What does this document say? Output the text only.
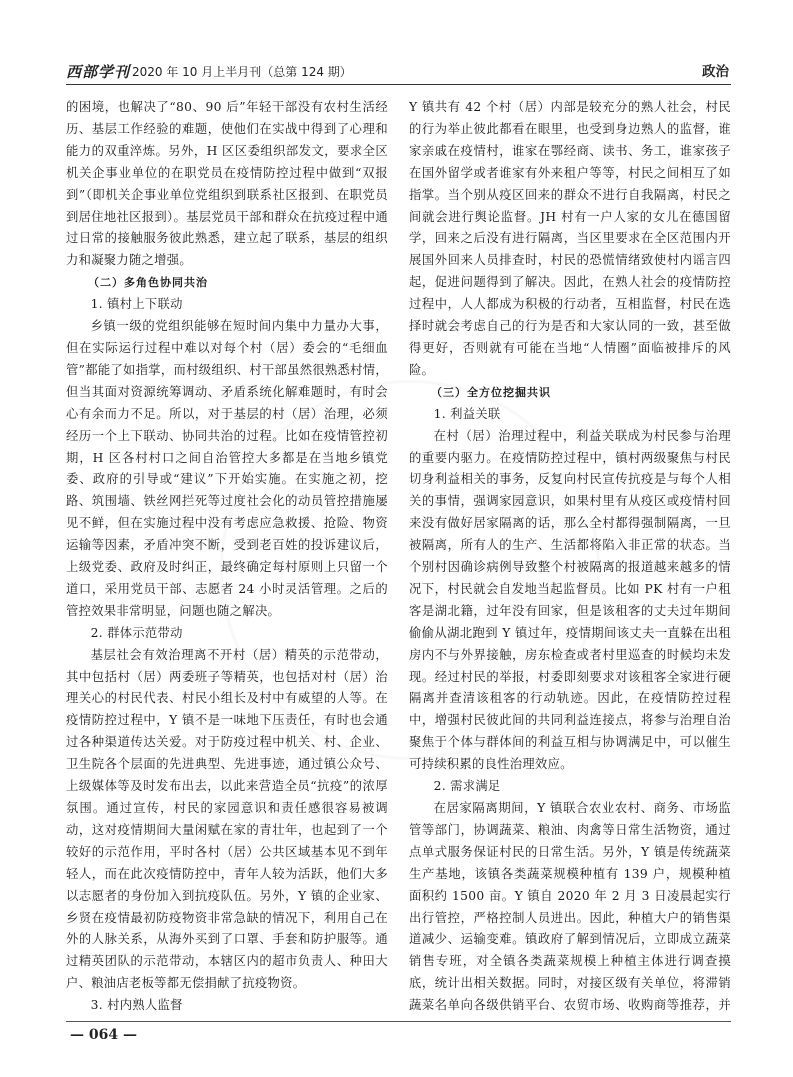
西部学刊 2020 年 10 月上半月刊（总第 124 期）	政治

的困境，也解决了“80、90 后”年轻干部没有农村生活经历、基层工作经验的难题，使他们在实战中得到了心理和能力的双重淬炼。另外，H 区区委组织部发文，要求全区机关企事业单位的在职党员在疫情防控过程中做到“双报到”（即机关企事业单位党组织到联系社区报到、在职党员到居住地社区报到）。基层党员干部和群众在抗疫过程中通过日常的接触服务彼此熟悉，建立起了联系，基层的组织力和凝聚力随之增强。

（二）多角色协同共治
1. 镇村上下联动

乡镇一级的党组织能够在短时间内集中力量办大事，但在实际运行过程中难以对每个村（居）委会的“毛细血管”都能了如指掌，而村级组织、村干部虽然很熟悉村情，但当其面对资源统筹调动、矛盾系统化解难题时，有时会心有余而力不足。所以，对于基层的村（居）治理，必须经历一个上下联动、协同共治的过程。比如在疫情管控初期，H 区各村村口之间自治管控大多都是在当地乡镇党委、政府的引导或“建议”下开始实施。在实施之初，挖路、筑围墙、铁丝网拦死等过度社会化的动员管控措施屡见不鲜，但在实施过程中没有考虑应急救援、抢险、物资运输等因素，矛盾冲突不断，受到老百姓的投诉建议后，上级党委、政府及时纠正，最终确定每村原则上只留一个道口，采用党员干部、志愿者 24 小时灵活管理。之后的管控效果非常明显，问题也随之解决。

2. 群体示范带动

基层社会有效治理离不开村（居）精英的示范带动，其中包括村（居）两委班子等精英，也包括对村（居）治理关心的村民代表、村民小组长及村中有威望的人等。在疫情防控过程中，Y 镇不是一味地下压责任，有时也会通过各种渠道传达关爱。对于防疫过程中机关、村、企业、卫生院各个层面的先进典型、先进事迹，通过镇公众号、上级媒体等及时发布出去，以此来营造全员“抗疫”的浓厚氛围。通过宣传，村民的家园意识和责任感很容易被调动，这对疫情期间大量闲赋在家的青壮年，也起到了一个较好的示范作用，平时各村（居）公共区域基本见不到年轻人，而在此次疫情防控中，青年人较为活跃，他们大多以志愿者的身份加入到抗疫队伍。另外，Y 镇的企业家、乡贤在疫情最初防疫物资非常急缺的情况下，利用自己在外的人脉关系，从海外买到了口罩、手套和防护服等。通过精英团队的示范带动，本辖区内的超市负责人、种田大户、粮油店老板等都无偿捐献了抗疫物资。

3. 村内熟人监督

Y 镇共有 42 个村（居）内部是较充分的熟人社会，村民的行为举止彼此都看在眼里，也受到身边熟人的监督，谁家亲戚在疫情村，谁家在鄂经商、读书、务工，谁家孩子在国外留学或者谁家有外来租户等等，村民之间相互了如指掌。当个别从疫区回来的群众不进行自我隔离，村民之间就会进行舆论监督。JH 村有一户人家的女儿在德国留学，回来之后没有进行隔离，当区里要求在全区范围内开展国外回来人员排查时，村民的恐慌情绪致使村内谣言四起，促进问题得到了解决。因此，在熟人社会的疫情防控过程中，人人都成为积极的行动者，互相监督，村民在选择时就会考虑自己的行为是否和大家认同的一致，甚至做得更好，否则就有可能在当地“人情圈”面临被排斥的风险。

（三）全方位挖掘共识
1. 利益关联

在村（居）治理过程中，利益关联成为村民参与治理的重要内驱力。在疫情防控过程中，镇村两级聚焦与村民切身利益相关的事务，反复向村民宣传抗疫是与每个人相关的事情，强调家园意识，如果村里有从疫区或疫情村回来没有做好居家隔离的话，那么全村都得强制隔离，一旦被隔离，所有人的生产、生活都将陷入非正常的状态。当个别村因确诊病例导致整个村被隔离的报道越来越多的情况下，村民就会自发地当起监督员。比如 PK 村有一户租客是湖北籍，过年没有回家，但是该租客的丈夫过年期间偷偷从湖北跑到 Y 镇过年，疫情期间该丈夫一直躲在出租房内不与外界接触，房东检查或者村里巡查的时候均未发现。经过村民的举报，村委即刻要求对该租客全家进行硬隔离并查清该租客的行动轨迹。因此，在疫情防控过程中，增强村民彼此间的共同利益连接点，将参与治理自治聚焦于个体与群体间的利益互相与协调满足中，可以催生可持续积累的良性治理效应。

2. 需求满足

在居家隔离期间，Y 镇联合农业农村、商务、市场监管等部门，协调蔬菜、粮油、肉禽等日常生活物资，通过点单式服务保证村民的日常生活。另外，Y 镇是传统蔬菜生产基地，该镇各类蔬菜规模种植有 139 户，规模种植面积约 1500 亩。Y 镇自 2020 年 2 月 3 日凌晨起实行出行管控，严格控制人员进出。因此，种植大户的销售渠道减少、运输变难。镇政府了解到情况后，立即成立蔬菜销售专班，对全镇各类蔬菜规模上种植主体进行调查摸底，统计出相关数据。同时，对接区级有关单位，将滞销蔬菜名单向各级供销平台、农贸市场、收购商等推荐，并

— 064 —
